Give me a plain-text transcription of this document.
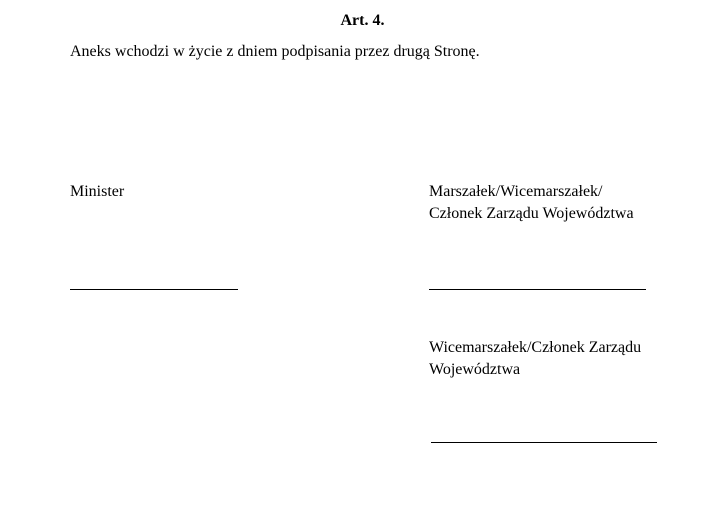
Art. 4.
Aneks wchodzi w życie z dniem podpisania przez drugą Stronę.
Minister	Marszałek/Wicemarszałek/
Członek Zarządu Województwa
Wicemarszałek/Członek Zarządu
Województwa
